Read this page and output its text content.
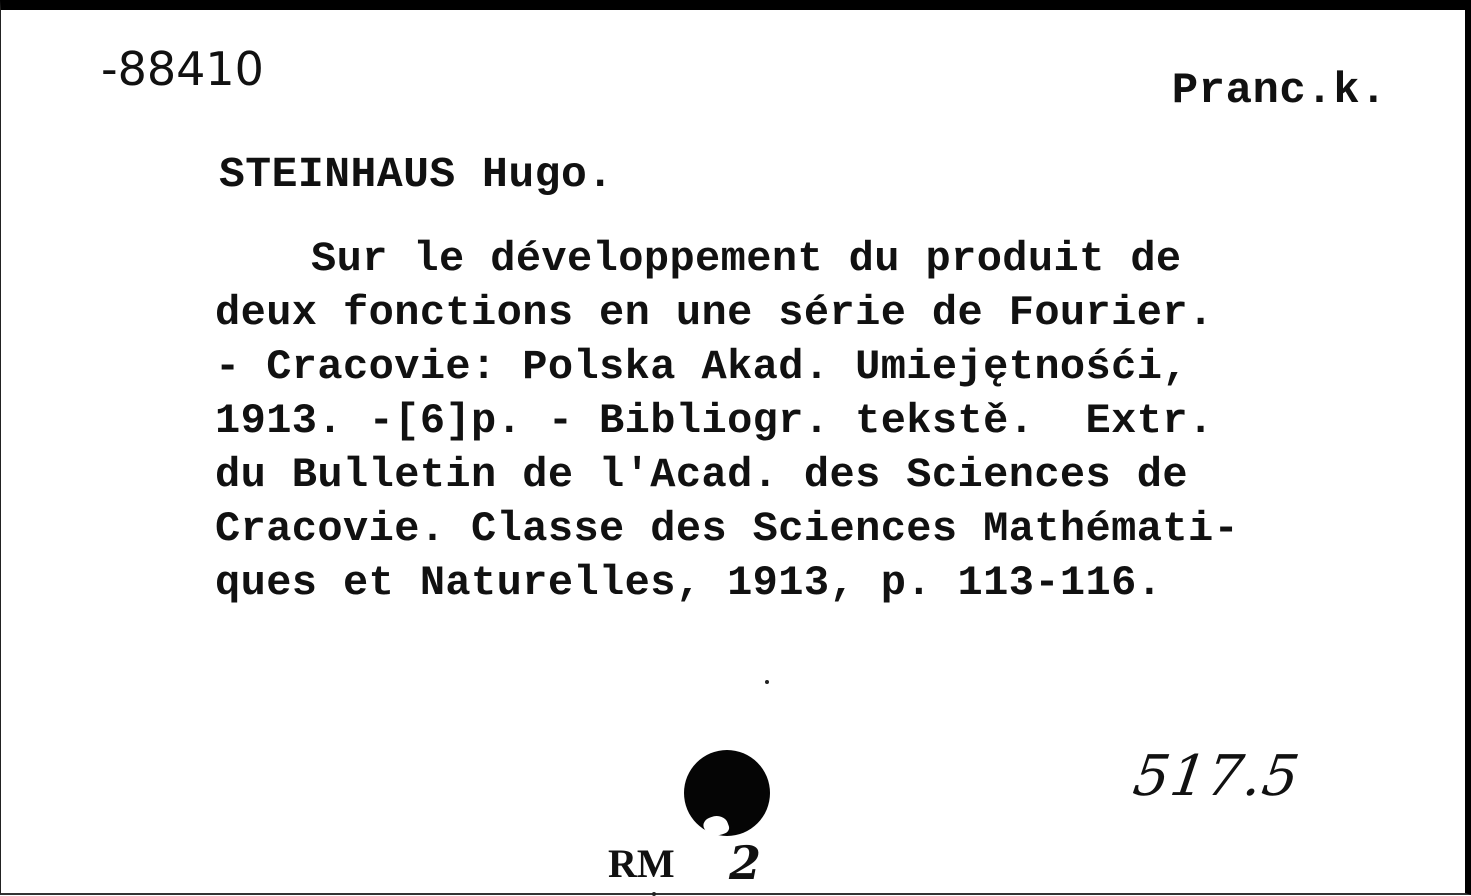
-88410	Pranc.k.
STEINHAUS Hugo.
Sur le développement du produit de
deux fonctions en une série de Fourier.
- Cracovie: Polska Akad. Umiejętnośći,
1913. -[6]p. - Bibliogr. tekstě.  Extr.
du Bulletin de l'Acad. des Sciences de
Cracovie. Classe des Sciences Mathémati-
ques et Naturelles, 1913, p. 113-116.
517.5
RM 2
